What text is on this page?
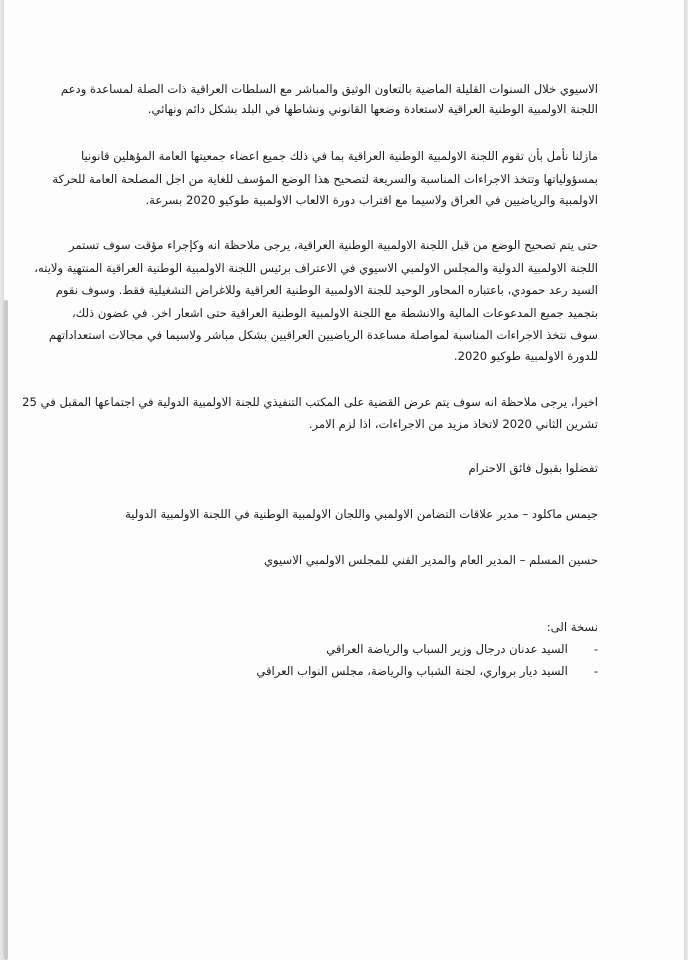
الاسيوي خلال السنوات القليلة الماضية بالتعاون الوثيق والمباشر مع السلطات العراقية ذات الصلة لمساعدة ودعم
اللجنة الاولمبية الوطنية العراقية لاستعادة وضعها القانوني ونشاطها في البلد بشكل دائم ونهائي.
مازلنا نأمل بأن تقوم اللجنة الاولمبية الوطنية العراقية بما في ذلك جميع اعضاء جمعيتها العامة المؤهلين قانونيا
بمسؤولياتها وتتخذ الاجراءات المناسبة والسريعة لتصحيح هذا الوضع المؤسف للغاية من اجل المصلحة العامة للحركة
الاولمبية والرياضيين في العراق ولاسيما مع اقتراب دورة الالعاب الاولمبية طوكيو 2020 بسرعة.
حتى يتم تصحيح الوضع من قبل اللجنة الاولمبية الوطنية العراقية، يرجى ملاحظة انه وكإجراء مؤقت سوف تستمر
اللجنة الاولمبية الدولية والمجلس الاولمبي الاسيوي في الاعتراف برئيس اللجنة الاولمبية الوطنية العراقية المنتهية ولايته،
السيد رعد حمودي، باعتباره المحاور الوحيد للجنة الاولمبية الوطنية العراقية وللاغراض التشغيلية فقط. وسوف نقوم
بتجميد جميع المدعوعات المالية والانشطة مع اللجنة الاولمبية الوطنية العراقية حتى اشعار اخر. في غضون ذلك،
سوف نتخذ الاجراءات المناسبة لمواصلة مساعدة الرياضيين العراقيين بشكل مباشر ولاسيما في مجالات استعداداتهم
للدورة الاولمبية طوكيو 2020.
اخيرا، يرجى ملاحظة انه سوف يتم عرض القضية على المكتب التنفيذي للجنة الاولمبية الدولية في اجتماعها المقبل في 25
تشرين الثاني 2020 لاتخاذ مزيد من الاجراءات، اذا لزم الامر.
تفضلوا بقبول فائق الاحترام
جيمس ماكلود – مدير علاقات التضامن الاولمبي واللجان الاولمبية الوطنية في اللجنة الاولمبية الدولية
حسين المسلم – المدير العام والمدير الفني للمجلس الاولمبي الاسيوي
نسخة الى:
-السيد عدنان درجال وزير السباب والرياضة العراقي
-السيد ديار برواري، لجنة الشباب والرياضة، مجلس النواب العراقي
